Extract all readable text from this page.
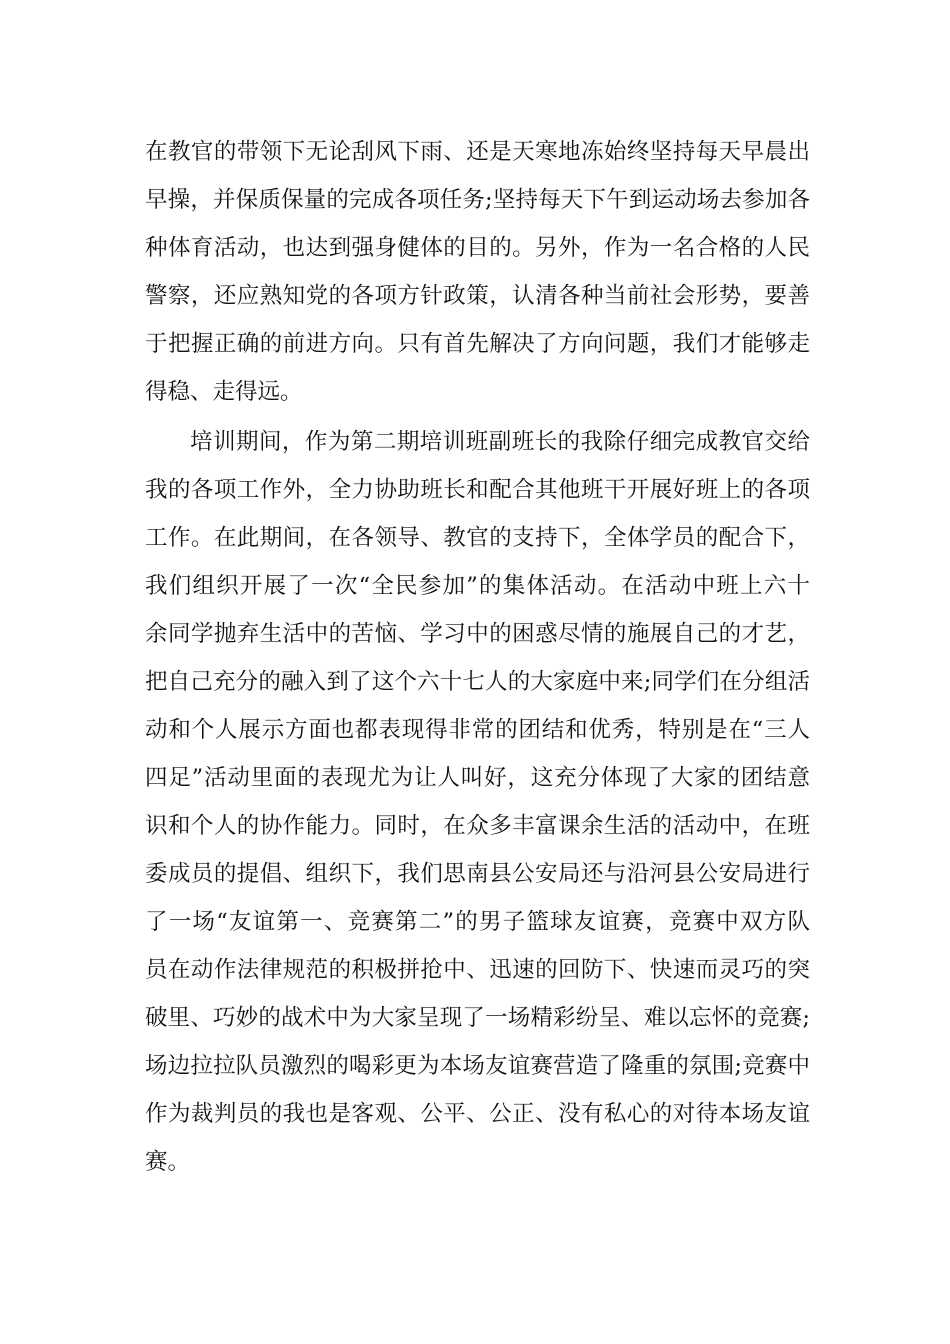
在教官的带领下无论刮风下雨、还是天寒地冻始终坚持每天早晨出
早操，并保质保量的完成各项任务;坚持每天下午到运动场去参加各
种体育活动，也达到强身健体的目的。另外，作为一名合格的人民
警察，还应熟知党的各项方针政策，认清各种当前社会形势，要善
于把握正确的前进方向。只有首先解决了方向问题，我们才能够走
得稳、走得远。
培训期间，作为第二期培训班副班长的我除仔细完成教官交给
我的各项工作外，全力协助班长和配合其他班干开展好班上的各项
工作。在此期间，在各领导、教官的支持下，全体学员的配合下，
我们组织开展了一次“全民参加”的集体活动。在活动中班上六十
余同学抛弃生活中的苦恼、学习中的困惑尽情的施展自己的才艺，
把自己充分的融入到了这个六十七人的大家庭中来;同学们在分组活
动和个人展示方面也都表现得非常的团结和优秀，特别是在“三人
四足”活动里面的表现尤为让人叫好，这充分体现了大家的团结意
识和个人的协作能力。同时，在众多丰富课余生活的活动中，在班
委成员的提倡、组织下，我们思南县公安局还与沿河县公安局进行
了一场“友谊第一、竞赛第二”的男子篮球友谊赛，竞赛中双方队
员在动作法律规范的积极拼抢中、迅速的回防下、快速而灵巧的突
破里、巧妙的战术中为大家呈现了一场精彩纷呈、难以忘怀的竞赛;
场边拉拉队员激烈的喝彩更为本场友谊赛营造了隆重的氛围;竞赛中
作为裁判员的我也是客观、公平、公正、没有私心的对待本场友谊
赛。
